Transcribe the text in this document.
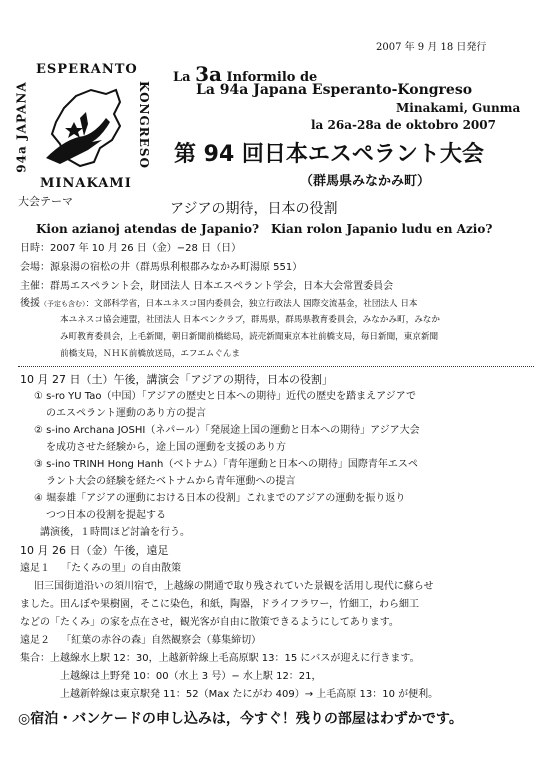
2007 年 9 月 18 日発行
ESPERANTO
KONGRESO
94a JAPANA
MINAKAMI
La 3a Informilo de
La 94a Japana Esperanto-Kongreso
Minakami, Gunma
la 26a-28a de oktobro 2007
第 94 回日本エスペラント大会
（群馬県みなかみ町）
大会テーマ	アジアの期待，日本の役割
Kion azianoj atendas de Japanio?　Kian rolon Japanio ludu en Azio?
日時：2007 年 10 月 26 日（金）−28 日（日）
会場：源泉湯の宿松の井（群馬県利根郡みなかみ町湯原 551）
主催：群馬エスペラント会，財団法人 日本エスペラント学会，日本大会常置委員会
後援（予定も含む）：文部科学省，日本ユネスコ国内委員会，独立行政法人 国際交流基金，社団法人 日本
本ユネスコ協会連盟，社団法人 日本ペンクラブ，群馬県，群馬県教育委員会，みなかみ町，みなか
み町教育委員会，上毛新聞，朝日新聞前橋総局，読売新聞東京本社前橋支局，毎日新聞，東京新聞
前橋支局，ＮＨＫ前橋放送局，エフエムぐんま
10 月 27 日（土）午後，講演会「アジアの期待，日本の役割」
① s-ro YU Tao（中国）「アジアの歴史と日本への期待」近代の歴史を踏まえアジアで
のエスペラント運動のあり方の提言
② s-ino Archana JOSHI（ネパール）「発展途上国の運動と日本への期待」アジア大会
を成功させた経験から，途上国の運動を支援のあり方
③ s-ino TRINH Hong Hanh（ベトナム）「青年運動と日本への期待」国際青年エスペ
ラント大会の経験を経たベトナムから青年運動への提言
④ 堀泰雄「アジアの運動における日本の役割」これまでのアジアの運動を振り返り
つつ日本の役割を提起する
講演後，１時間ほど討論を行う。
10 月 26 日（金）午後，遠足
遠足１ 「たくみの里」の自由散策
旧三国街道沿いの須川宿で，上越線の開通で取り残されていた景観を活用し現代に蘇らせ
ました。田んぼや果樹園，そこに染色，和紙，陶器，ドライフラワー，竹細工，わら細工
などの「たくみ」の家を点在させ，観光客が自由に散策できるようにしてあります。
遠足２ 「紅葉の赤谷の森」自然観察会（募集締切）
集合：上越線水上駅 12：30，上越新幹線上毛高原駅 13：15 にバスが迎えに行きます。
上越線は上野発 10：00（水上 3 号）− 水上駅 12：21，
上越新幹線は東京駅発 11：52（Max たにがわ 409）→ 上毛高原 13：10 が便利。
◎宿泊・バンケードの申し込みは，今すぐ！残りの部屋はわずかです。
